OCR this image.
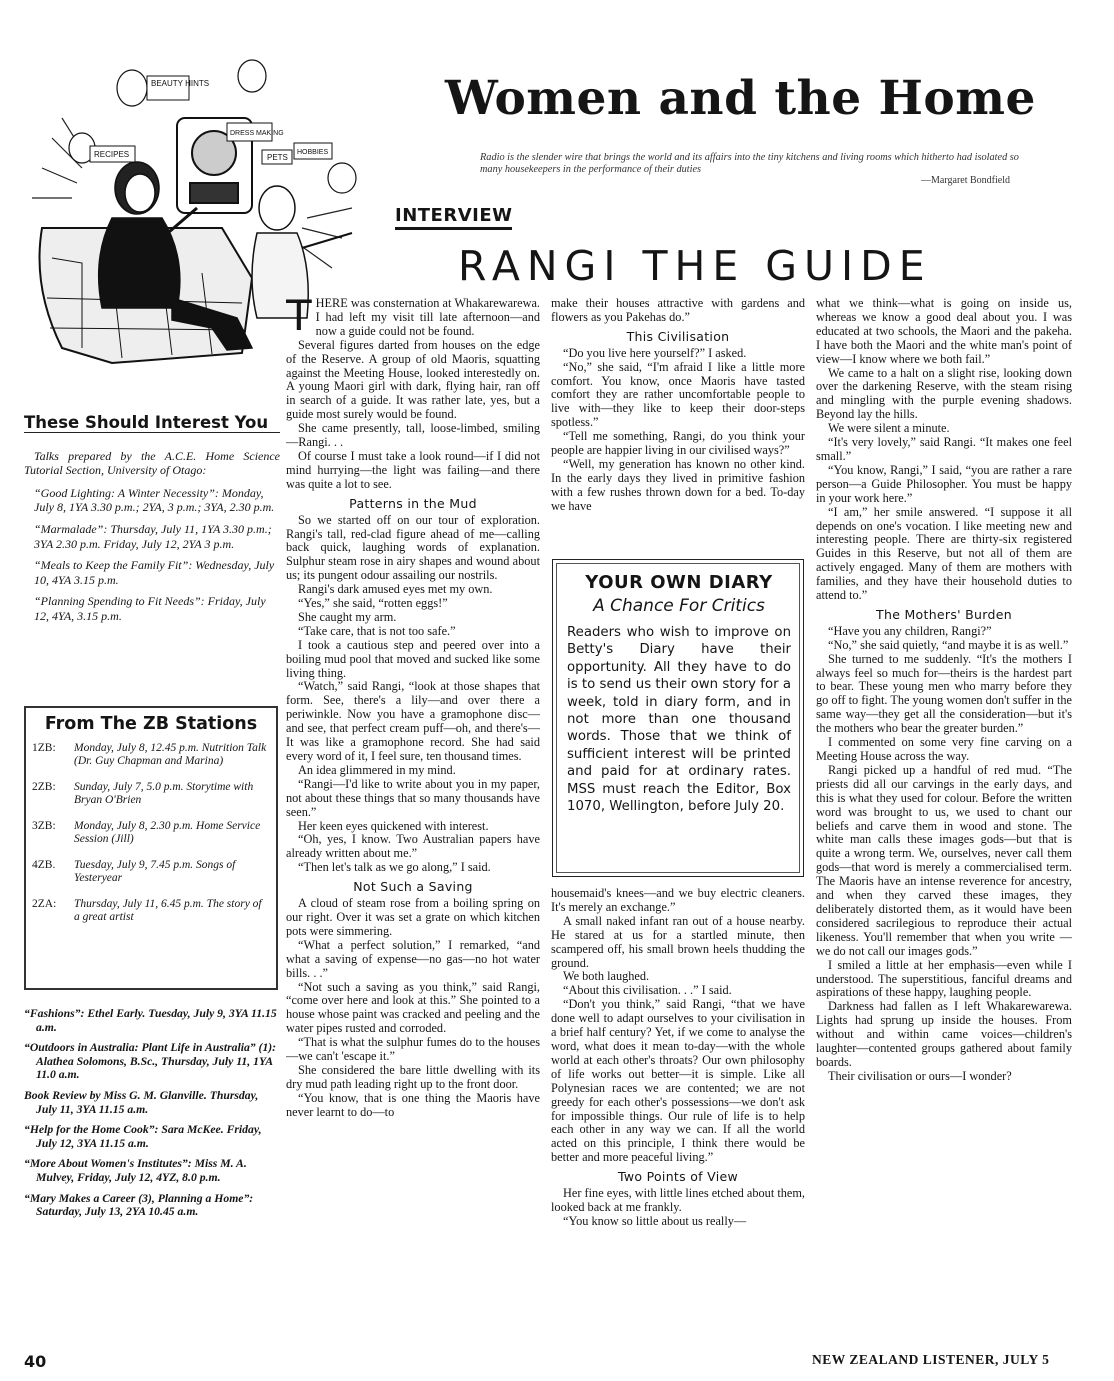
Women and the Home
Radio is the slender wire that brings the world and its affairs into the tiny kitchens and living rooms which hitherto had isolated so many housekeepers in the performance of their duties
—Margaret Bondfield
BEAUTY HINTS
RECIPES
DRESS MAKING
PETS
HOBBIES
INTERVIEW
RANGI THE GUIDE
These Should Interest You

Talks prepared by the A.C.E. Home Science Tutorial Section, University of Otago:

“Good Lighting: A Winter Necessity”: Monday, July 8, 1YA 3.30 p.m.; 2YA, 3 p.m.; 3YA, 2.30 p.m.

“Marmalade”: Thursday, July 11, 1YA 3.30 p.m.; 3YA 2.30 p.m. Friday, July 12, 2YA 3 p.m.

“Meals to Keep the Family Fit”: Wednesday, July 10, 4YA 3.15 p.m.

“Planning Spending to Fit Needs”: Friday, July 12, 4YA, 3.15 p.m.

From The ZB Stations
1ZB:	Monday, July 8, 12.45 p.m. Nutrition Talk (Dr. Guy Chapman and Marina)
2ZB:	Sunday, July 7, 5.0 p.m. Storytime with Bryan O'Brien
3ZB:	Monday, July 8, 2.30 p.m. Home Service Session (Jill)
4ZB.	Tuesday, July 9, 7.45 p.m. Songs of Yesteryear
2ZA:	Thursday, July 11, 6.45 p.m. The story of a great artist

“Fashions”: Ethel Early. Tuesday, July 9, 3YA 11.15 a.m.

“Outdoors in Australia: Plant Life in Australia” (1): Alathea Solomons, B.Sc., Thursday, July 11, 1YA 11.0 a.m.

Book Review by Miss G. M. Glanville. Thursday, July 11, 3YA 11.15 a.m.

“Help for the Home Cook”: Sara McKee. Friday, July 12, 3YA 11.15 a.m.

“More About Women's Institutes”: Miss M. A. Mulvey, Friday, July 12, 4YZ, 8.0 p.m.

“Mary Makes a Career (3), Planning a Home”: Saturday, July 13, 2YA 10.45 a.m.

THERE was consternation at Whakarewarewa. I had left my visit till late afternoon—and now a guide could not be found.

Several figures darted from houses on the edge of the Reserve. A group of old Maoris, squatting against the Meeting House, looked interestedly on. A young Maori girl with dark, flying hair, ran off in search of a guide. It was rather late, yes, but a guide most surely would be found.

She came presently, tall, loose-limbed, smiling—Rangi. . .

Of course I must take a look round—if I did not mind hurrying—the light was failing—and there was quite a lot to see.

Patterns in the Mud

So we started off on our tour of exploration. Rangi's tall, red-clad figure ahead of me—calling back quick, laughing words of explanation. Sulphur steam rose in airy shapes and wound about us; its pungent odour assailing our nostrils.

Rangi's dark amused eyes met my own.

“Yes,” she said, “rotten eggs!”

She caught my arm.

“Take care, that is not too safe.”

I took a cautious step and peered over into a boiling mud pool that moved and sucked like some living thing.

“Watch,” said Rangi, “look at those shapes that form. See, there's a lily—and over there a periwinkle. Now you have a gramophone disc—and see, that perfect cream puff—oh, and there's—It was like a gramophone record. She had said every word of it, I feel sure, ten thousand times.

An idea glimmered in my mind.

“Rangi—I'd like to write about you in my paper, not about these things that so many thousands have seen.”

Her keen eyes quickened with interest.

“Oh, yes, I know. Two Australian papers have already written about me.”

“Then let's talk as we go along,” I said.

Not Such a Saving

A cloud of steam rose from a boiling spring on our right. Over it was set a grate on which kitchen pots were simmering.

“What a perfect solution,” I remarked, “and what a saving of expense—no gas—no hot water bills. . .”

“Not such a saving as you think,” said Rangi, “come over here and look at this.” She pointed to a house whose paint was cracked and peeling and the water pipes rusted and corroded.

“That is what the sulphur fumes do to the houses—we can't 'escape it.”

She considered the bare little dwelling with its dry mud path leading right up to the front door.

“You know, that is one thing the Maoris have never learnt to do—to

make their houses attractive with gardens and flowers as you Pakehas do.”

This Civilisation

“Do you live here yourself?” I asked.

“No,” she said, “I'm afraid I like a little more comfort. You know, once Maoris have tasted comfort they are rather uncomfortable people to live with—they like to keep their door-steps spotless.”

“Tell me something, Rangi, do you think your people are happier living in our civilised ways?”

“Well, my generation has known no other kind. In the early days they lived in primitive fashion with a few rushes thrown down for a bed. To-day we have

YOUR OWN DIARY
A Chance For Critics

Readers who wish to improve on Betty's Diary have their opportunity. All they have to do is to send us their own story for a week, told in diary form, and in not more than one thousand words. Those that we think of sufficient interest will be printed and paid for at ordinary rates. MSS must reach the Editor, Box 1070, Wellington, before July 20.

housemaid's knees—and we buy electric cleaners. It's merely an exchange.”

A small naked infant ran out of a house nearby. He stared at us for a startled minute, then scampered off, his small brown heels thudding the ground.

We both laughed.

“About this civilisation. . .” I said.

“Don't you think,” said Rangi, “that we have done well to adapt ourselves to your civilisation in a brief half century? Yet, if we come to analyse the word, what does it mean to-day—with the whole world at each other's throats? Our own philosophy of life works out better—it is simple. Like all Polynesian races we are contented; we are not greedy for each other's possessions—we don't ask for impossible things. Our rule of life is to help each other in any way we can. If all the world acted on this principle, I think there would be better and more peaceful living.”

Two Points of View

Her fine eyes, with little lines etched about them, looked back at me frankly.

“You know so little about us really—

what we think—what is going on inside us, whereas we know a good deal about you. I was educated at two schools, the Maori and the pakeha. I have both the Maori and the white man's point of view—I know where we both fail.”

We came to a halt on a slight rise, looking down over the darkening Reserve, with the steam rising and mingling with the purple evening shadows. Beyond lay the hills.

We were silent a minute.

“It's very lovely,” said Rangi. “It makes one feel small.”

“You know, Rangi,” I said, “you are rather a rare person—a Guide Philosopher. You must be happy in your work here.”

“I am,” her smile answered. “I suppose it all depends on one's vocation. I like meeting new and interesting people. There are thirty-six registered Guides in this Reserve, but not all of them are actively engaged. Many of them are mothers with families, and they have their household duties to attend to.”

The Mothers' Burden

“Have you any children, Rangi?”

“No,” she said quietly, “and maybe it is as well.”

She turned to me suddenly. “It's the mothers I always feel so much for—theirs is the hardest part to bear. These young men who marry before they go off to fight. The young women don't suffer in the same way—they get all the consideration—but it's the mothers who bear the greater burden.”

I commented on some very fine carving on a Meeting House across the way.

Rangi picked up a handful of red mud. “The priests did all our carvings in the early days, and this is what they used for colour. Before the written word was brought to us, we used to chant our beliefs and carve them in wood and stone. The white man calls these images gods—but that is quite a wrong term. We, ourselves, never call them gods—that word is merely a commercialised term. The Maoris have an intense reverence for ancestry, and when they carved these images, they deliberately distorted them, as it would have been considered sacrilegious to reproduce their actual likeness. You'll remember that when you write — we do not call our images gods.”

I smiled a little at her emphasis—even while I understood. The superstitious, fanciful dreams and aspirations of these happy, laughing people.

Darkness had fallen as I left Whakarewarewa. Lights had sprung up inside the houses. From without and within came voices—children's laughter—contented groups gathered about family boards.

Their civilisation or ours—I wonder?

40	NEW ZEALAND LISTENER, JULY 5
